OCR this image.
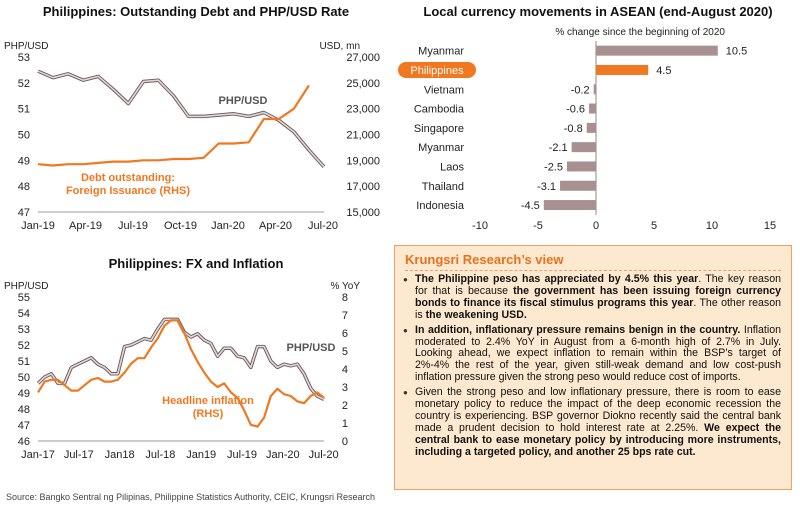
Philippines: Outstanding Debt and PHP/USD Rate
PHP/USD	USD, mn
53
52
51
50
49
48
47
27,000
25,000
23,000
21,000
19,000
17,000
15,000
Jan-19 Apr-19 Jul-19 Oct-19 Jan-20 Apr-20 Jul-20
PHP/USD
Debt outstanding:
Foreign Issuance (RHS)
Local currency movements in ASEAN (end-August 2020)
% change since the beginning of 2020
Myanmar	10.5
Philippines	4.5
Vietnam	-0.2
Cambodia	-0.6
Singapore	-0.8
Myanmar	-2.1
Laos	-2.5
Thailand	-3.1
Indonesia	-4.5
-10	-5	0	5	10	15
Philippines: FX and Inflation
PHP/USD	% YoY
55
54
53
52
51
50
49
48
47
46
8
7
6
5
4
3
2
1
0
Jan-17 Jul-17 Jan18 Jul-18 Jan19 Jul-19 Jan-20 Jul-20
PHP/USD
Headline inflation
(RHS)
Krungsri Research’s view
● The Philippine peso has appreciated by 4.5% this year. The key reason for that is because the government has been issuing foreign currency bonds to finance its fiscal stimulus programs this year. The other reason is the weakening USD.
● In addition, inflationary pressure remains benign in the country. Inflation moderated to 2.4% YoY in August from a 6-month high of 2.7% in July. Looking ahead, we expect inflation to remain within the BSP’s target of 2%-4% the rest of the year, given still-weak demand and low cost-push inflation pressure given the strong peso would reduce cost of imports.
● Given the strong peso and low inflationary pressure, there is room to ease monetary policy to reduce the impact of the deep economic recession the country is experiencing. BSP governor Diokno recently said the central bank made a prudent decision to hold interest rate at 2.25%. We expect the central bank to ease monetary policy by introducing more instruments, including a targeted policy, and another 25 bps rate cut.
Source: Bangko Sentral ng Pilipinas, Philippine Statistics Authority, CEIC, Krungsri Research
